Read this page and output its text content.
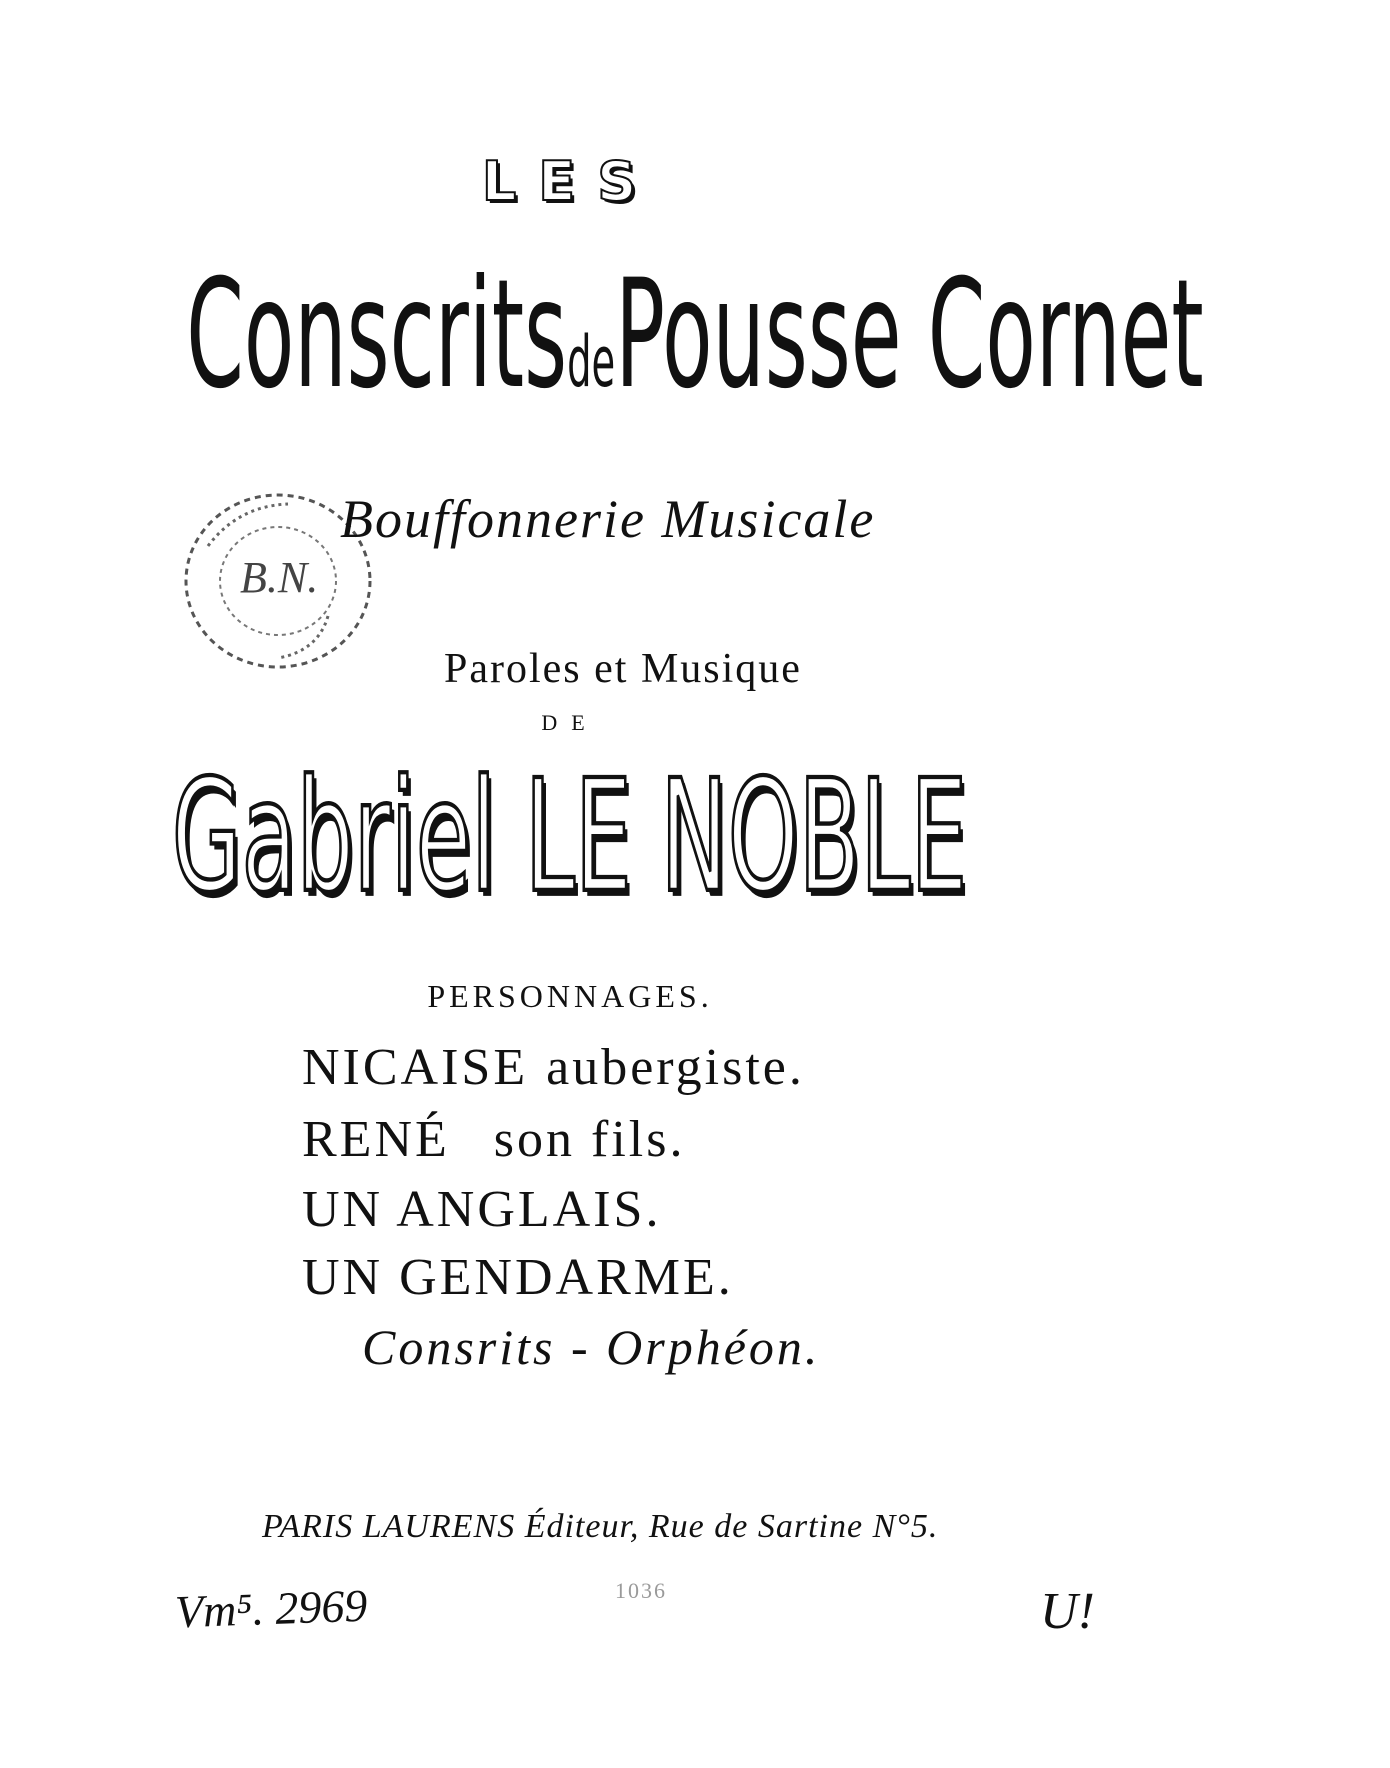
LES
ConscritsdePousse Cornet
B.N.
Bouffonnerie Musicale
Paroles et Musique
DE
Gabriel LE NOBLE
PERSONNAGES.
NICAISE aubergiste.
RENÉ son fils.
UN ANGLAIS.
UN GENDARME.
Consrits - Orphéon.
PARIS LAURENS Éditeur, Rue de Sartine N°5.
Vm⁵. 2969	1036	U!
